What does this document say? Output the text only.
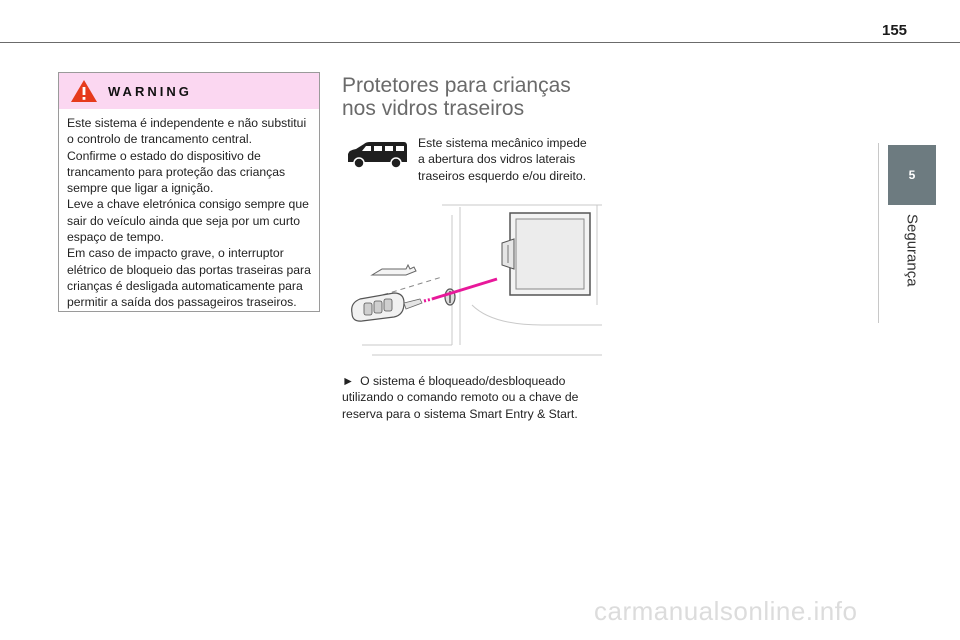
155
5
Segurança
WARNING

Este sistema é independente e não substitui

o controlo de trancamento central.

Confirme o estado do dispositivo de

trancamento para proteção das crianças

sempre que ligar a ignição.

Leve a chave eletrónica consigo sempre que

sair do veículo ainda que seja por um curto

espaço de tempo.

Em caso de impacto grave, o interruptor

elétrico de bloqueio das portas traseiras para

crianças é desligada automaticamente para

permitir a saída dos passageiros traseiros.

Protetores para crianças
nos vidros traseiros
Este sistema mecânico impede
a abertura dos vidros laterais
traseiros esquerdo e/ou direito.
► O sistema é bloqueado/desbloqueado
utilizando o comando remoto ou a chave de
reserva para o sistema Smart Entry & Start.
carmanualsonline.info
